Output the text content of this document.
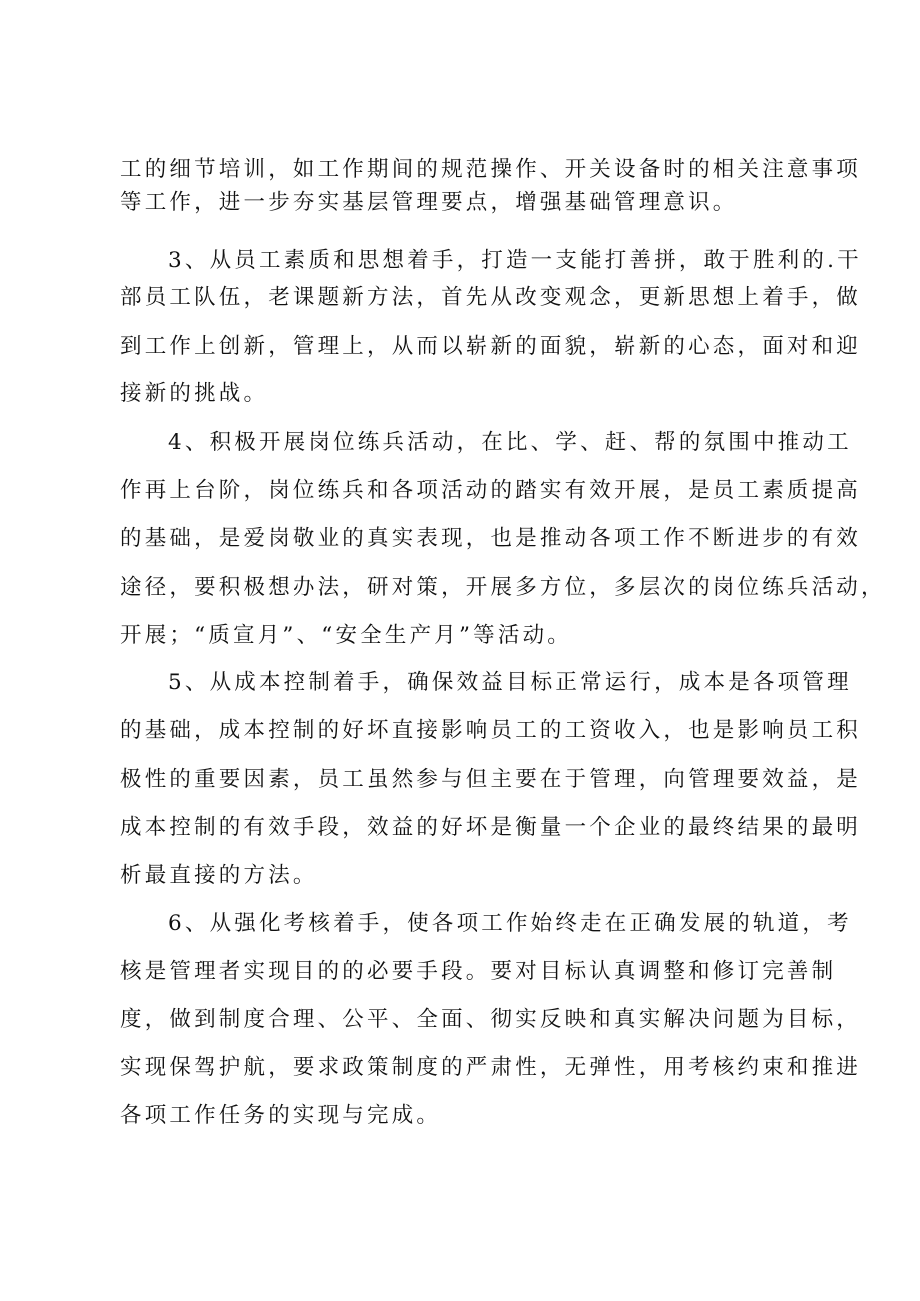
工的细节培训，如工作期间的规范操作、开关设备时的相关注意事项
等工作，进一步夯实基层管理要点，增强基础管理意识。
3、从员工素质和思想着手，打造一支能打善拼，敢于胜利的.干
部员工队伍，老课题新方法，首先从改变观念，更新思想上着手，做
到工作上创新，管理上，从而以崭新的面貌，崭新的心态，面对和迎
接新的挑战。
4、积极开展岗位练兵活动，在比、学、赶、帮的氛围中推动工
作再上台阶，岗位练兵和各项活动的踏实有效开展，是员工素质提高
的基础，是爱岗敬业的真实表现，也是推动各项工作不断进步的有效
途径，要积极想办法，研对策，开展多方位，多层次的岗位练兵活动，
开展；“质宣月”、“安全生产月”等活动。
5、从成本控制着手，确保效益目标正常运行，成本是各项管理
的基础，成本控制的好坏直接影响员工的工资收入，也是影响员工积
极性的重要因素，员工虽然参与但主要在于管理，向管理要效益，是
成本控制的有效手段，效益的好坏是衡量一个企业的最终结果的最明
析最直接的方法。
6、从强化考核着手，使各项工作始终走在正确发展的轨道，考
核是管理者实现目的的必要手段。要对目标认真调整和修订完善制
度，做到制度合理、公平、全面、彻实反映和真实解决问题为目标，
实现保驾护航，要求政策制度的严肃性，无弹性，用考核约束和推进
各项工作任务的实现与完成。
